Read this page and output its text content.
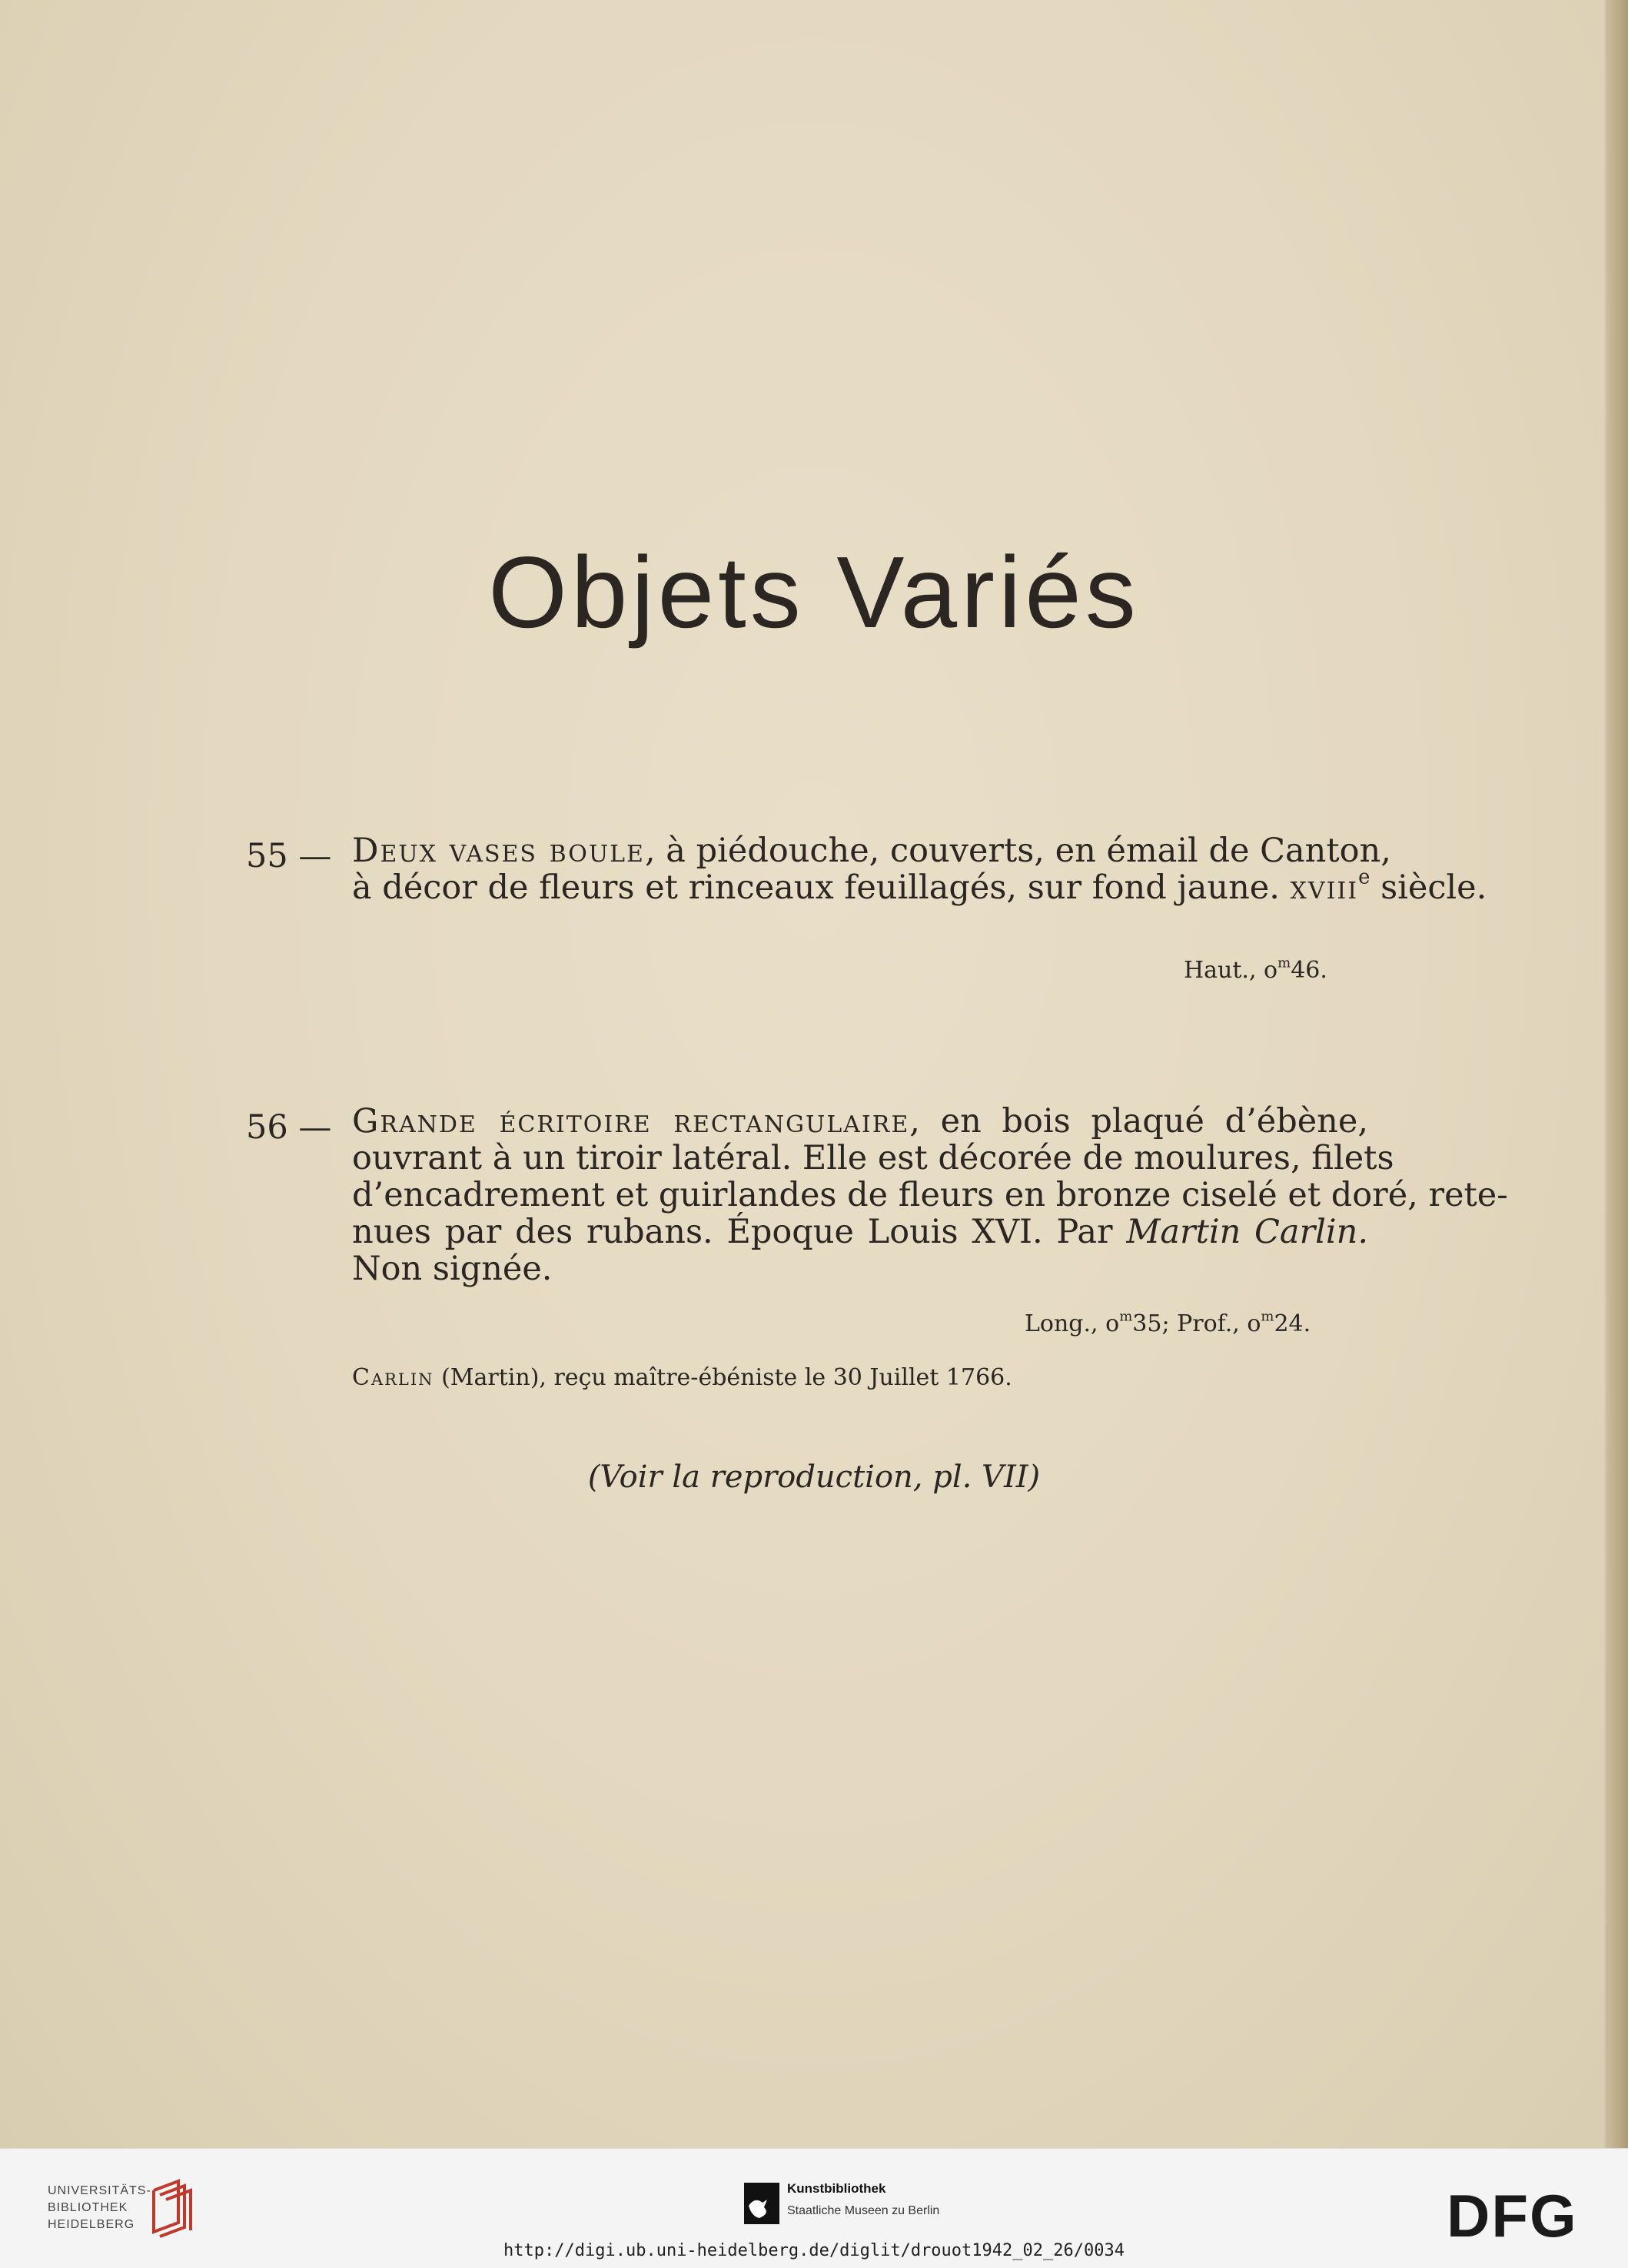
Objets Variés
55 — Deux vases boule, à piédouche, couverts, en émail de Canton,
à décor de fleurs et rinceaux feuillagés, sur fond jaune. xviii$^e$ siècle.
Haut., $o^m46$.
56 — Grande écritoire rectangulaire, en bois plaqué d’ébène,
ouvrant à un tiroir latéral. Elle est décorée de moulures, filets
d’encadrement et guirlandes de fleurs en bronze ciselé et doré, rete-
nues par des rubans. Époque Louis XVI. Par Martin Carlin.
Non signée.
Long., $o^m35$; Prof., $o^m24$.
Carlin (Martin), reçu maître-ébéniste le 30 Juillet 1766.
(Voir la reproduction, pl. VII)
UNIVERSITÄTS-
BIBLIOTHEK
HEIDELBERG
Kunstbibliothek
Staatliche Museen zu Berlin	DFG
http://digi.ub.uni-heidelberg.de/diglit/drouot1942_02_26/0034
